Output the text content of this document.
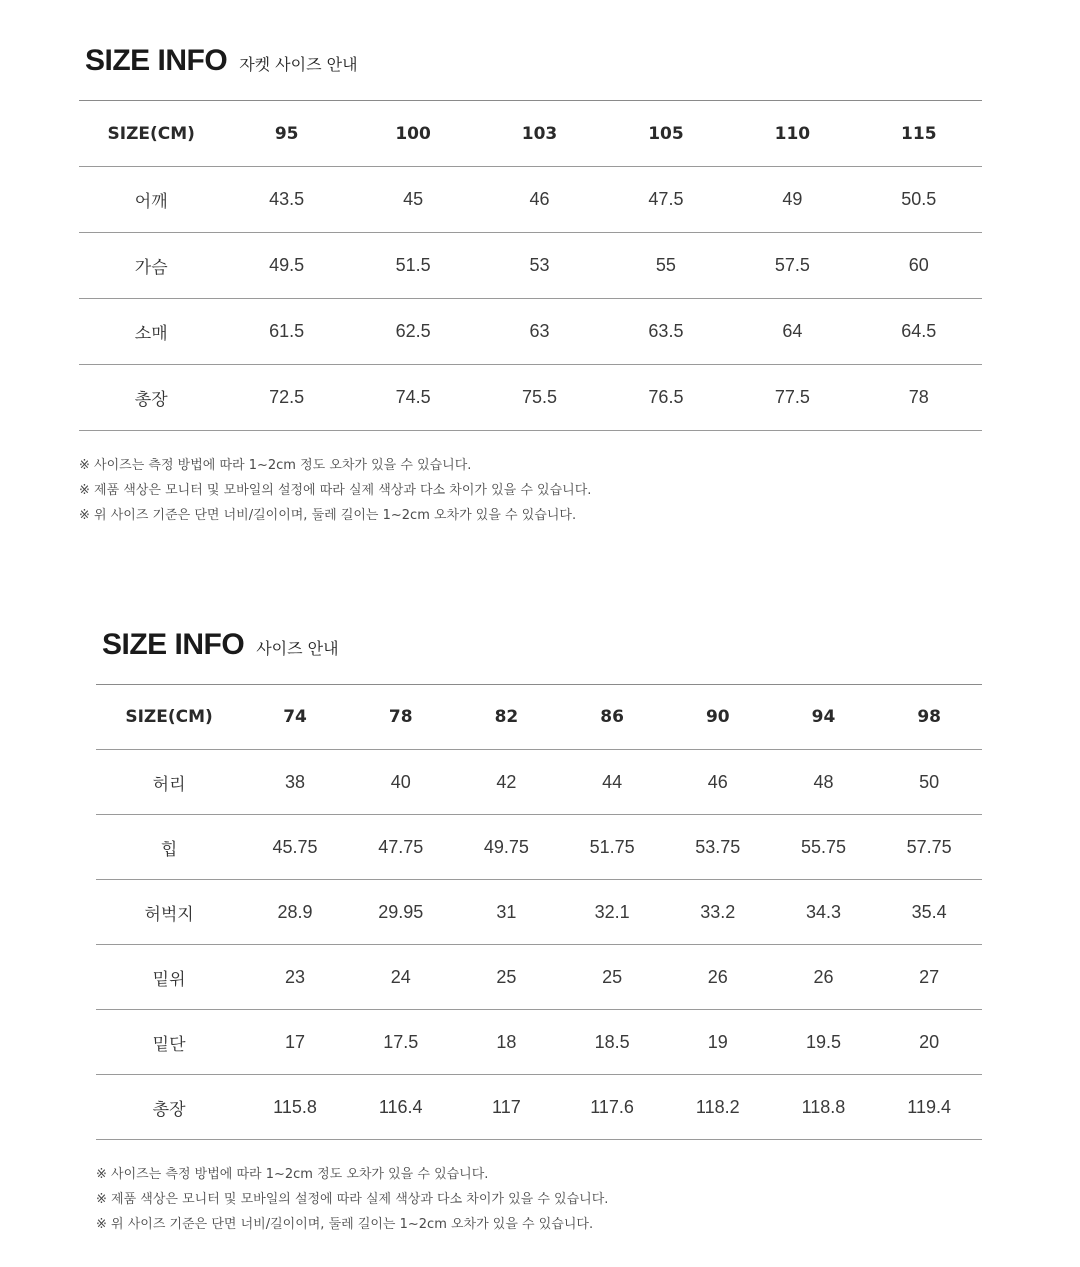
SIZE INFO 자켓 사이즈 안내
SIZE(CM)	95	100	103	105	110	115
어깨	43.5	45	46	47.5	49	50.5
가슴	49.5	51.5	53	55	57.5	60
소매	61.5	62.5	63	63.5	64	64.5
총장	72.5	74.5	75.5	76.5	77.5	78
※ 사이즈는 측정 방법에 따라 1~2cm 정도 오차가 있을 수 있습니다.
※ 제품 색상은 모니터 및 모바일의 설정에 따라 실제 색상과 다소 차이가 있을 수 있습니다.
※ 위 사이즈 기준은 단면 너비/길이이며, 둘레 길이는 1~2cm 오차가 있을 수 있습니다.
SIZE INFO 사이즈 안내
SIZE(CM)	74	78	82	86	90	94	98
허리	38	40	42	44	46	48	50
힙	45.75	47.75	49.75	51.75	53.75	55.75	57.75
허벅지	28.9	29.95	31	32.1	33.2	34.3	35.4
밑위	23	24	25	25	26	26	27
밑단	17	17.5	18	18.5	19	19.5	20
총장	115.8	116.4	117	117.6	118.2	118.8	119.4
※ 사이즈는 측정 방법에 따라 1~2cm 정도 오차가 있을 수 있습니다.
※ 제품 색상은 모니터 및 모바일의 설정에 따라 실제 색상과 다소 차이가 있을 수 있습니다.
※ 위 사이즈 기준은 단면 너비/길이이며, 둘레 길이는 1~2cm 오차가 있을 수 있습니다.
